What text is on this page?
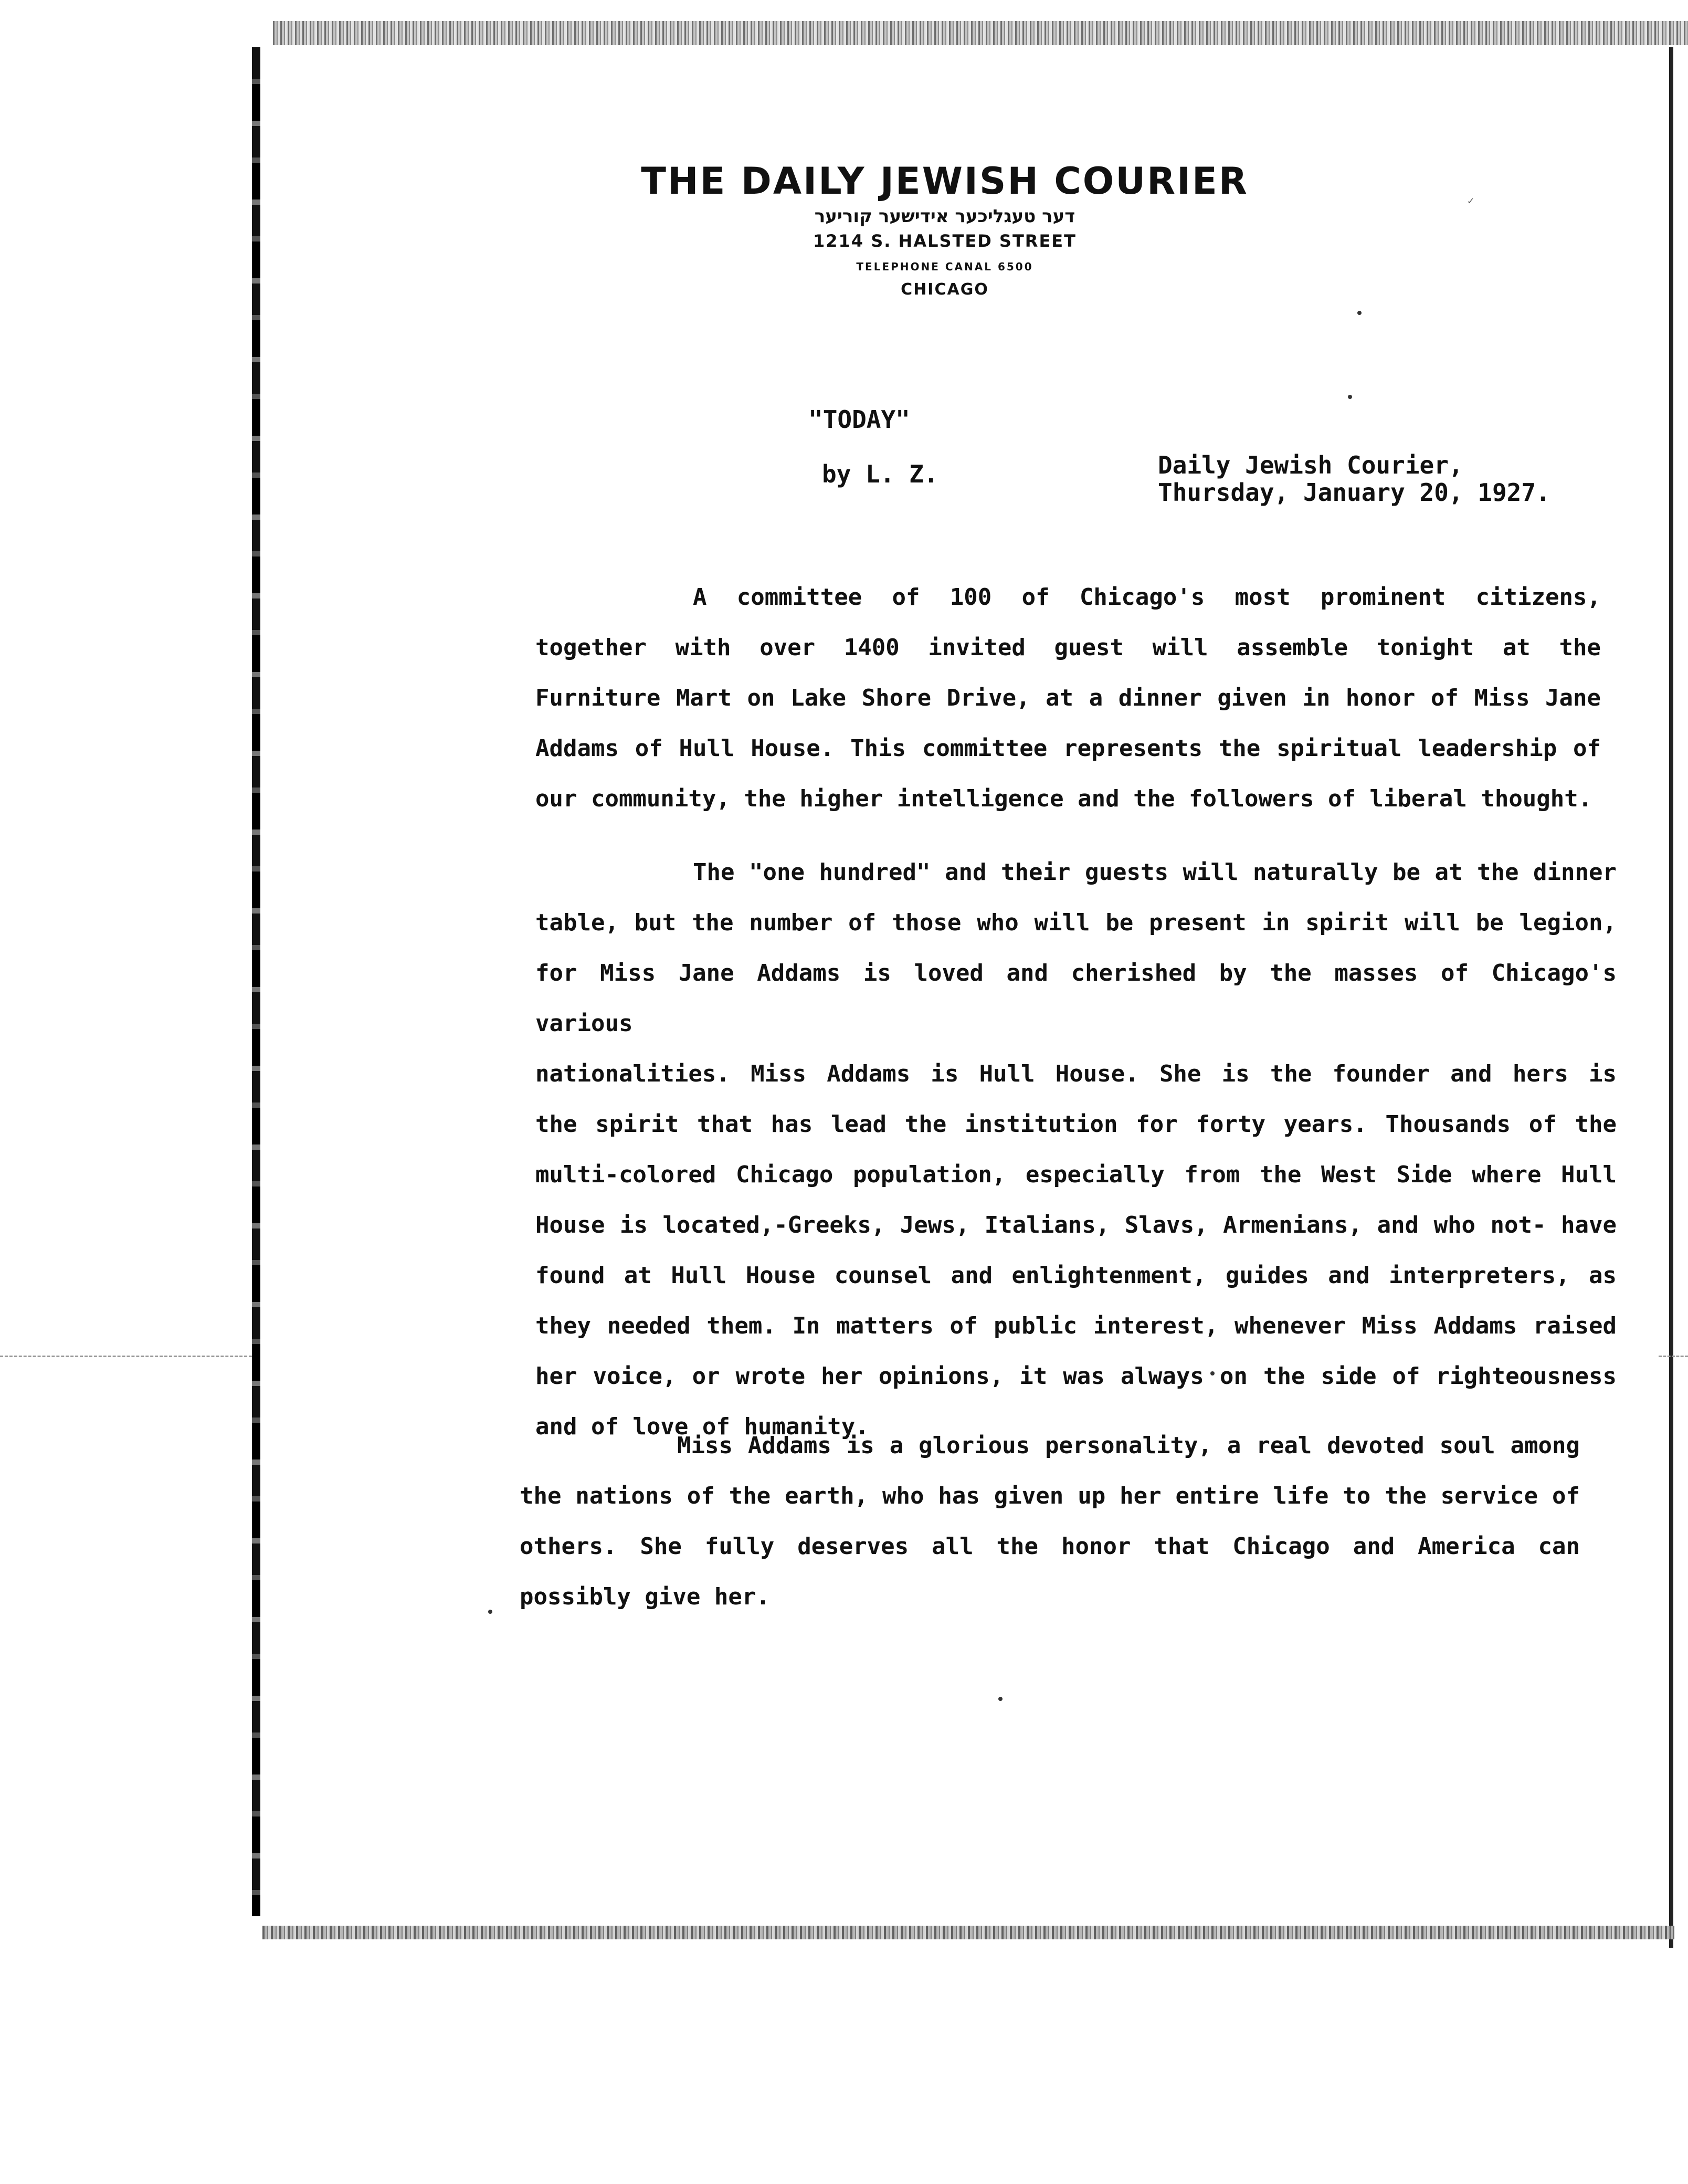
THE DAILY JEWISH COURIER
דער טעגליכער אידישער קוריער
1214 S. HALSTED STREET
TELEPHONE CANAL 6500
CHICAGO
✓
"TODAY"
by L. Z.	Daily Jewish Courier,
Thursday, January 20, 1927.

A committee of 100 of Chicago's most prominent citizens,
together with over 1400 invited guest will assemble tonight at the
Furniture Mart on Lake Shore Drive, at a dinner given in honor of Miss Jane
Addams of Hull House. This committee represents the spiritual leadership of
our community, the higher intelligence and the followers of liberal thought.

The "one hundred" and their guests will naturally be at the dinner
table, but the number of those who will be present in spirit will be legion,
for Miss Jane Addams is loved and cherished by the masses of Chicago's various
nationalities. Miss Addams is Hull House. She is the founder and hers is
the spirit that has lead the institution for forty years. Thousands of the
multi-colored Chicago population, especially from the West Side where Hull
House is located,-Greeks, Jews, Italians, Slavs, Armenians, and who not- have
found at Hull House counsel and enlightenment, guides and interpreters, as
they needed them. In matters of public interest, whenever Miss Addams raised
her voice, or wrote her opinions, it was always on the side of righteousness
and of love of humanity.

Miss Addams is a glorious personality, a real devoted soul among
the nations of the earth, who has given up her entire life to the service of
others. She fully deserves all the honor that Chicago and America can
possibly give her.
